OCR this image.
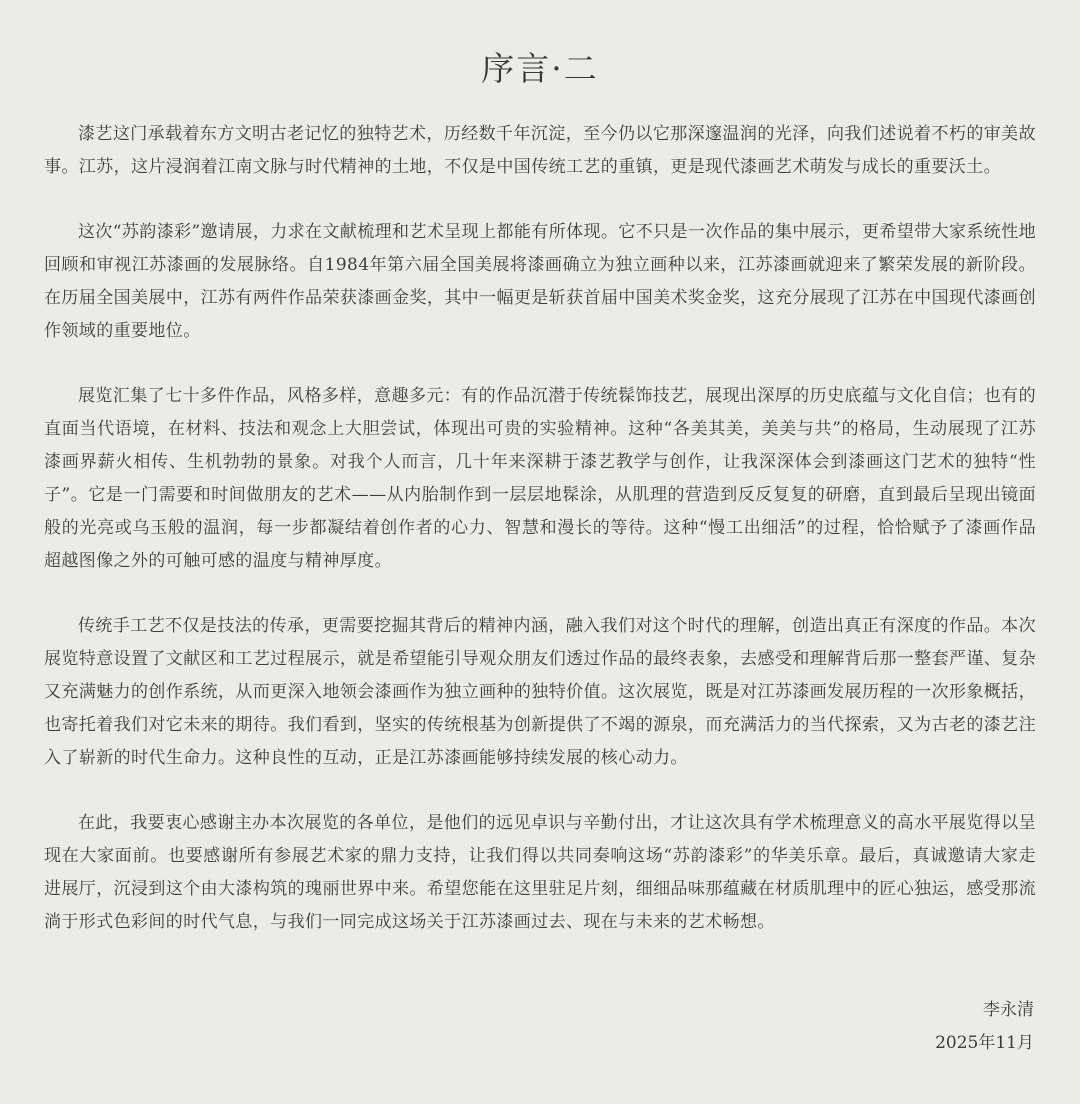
序言·二

漆艺这门承载着东方文明古老记忆的独特艺术，历经数千年沉淀，至今仍以它那深邃温润的光泽，向我们述说着不朽的审美故事。江苏，这片浸润着江南文脉与时代精神的土地，不仅是中国传统工艺的重镇，更是现代漆画艺术萌发与成长的重要沃土。

这次“苏韵漆彩”邀请展，力求在文献梳理和艺术呈现上都能有所体现。它不只是一次作品的集中展示，更希望带大家系统性地回顾和审视江苏漆画的发展脉络。自1984年第六届全国美展将漆画确立为独立画种以来，江苏漆画就迎来了繁荣发展的新阶段。在历届全国美展中，江苏有两件作品荣获漆画金奖，其中一幅更是斩获首届中国美术奖金奖，这充分展现了江苏在中国现代漆画创作领域的重要地位。

展览汇集了七十多件作品，风格多样，意趣多元：有的作品沉潜于传统髹饰技艺，展现出深厚的历史底蕴与文化自信；也有的直面当代语境，在材料、技法和观念上大胆尝试，体现出可贵的实验精神。这种“各美其美，美美与共”的格局，生动展现了江苏漆画界薪火相传、生机勃勃的景象。对我个人而言，几十年来深耕于漆艺教学与创作，让我深深体会到漆画这门艺术的独特“性子”。它是一门需要和时间做朋友的艺术——从内胎制作到一层层地髹涂，从肌理的营造到反反复复的研磨，直到最后呈现出镜面般的光亮或乌玉般的温润，每一步都凝结着创作者的心力、智慧和漫长的等待。这种“慢工出细活”的过程，恰恰赋予了漆画作品超越图像之外的可触可感的温度与精神厚度。

传统手工艺不仅是技法的传承，更需要挖掘其背后的精神内涵，融入我们对这个时代的理解，创造出真正有深度的作品。本次展览特意设置了文献区和工艺过程展示，就是希望能引导观众朋友们透过作品的最终表象，去感受和理解背后那一整套严谨、复杂又充满魅力的创作系统，从而更深入地领会漆画作为独立画种的独特价值。这次展览，既是对江苏漆画发展历程的一次形象概括，也寄托着我们对它未来的期待。我们看到，坚实的传统根基为创新提供了不竭的源泉，而充满活力的当代探索，又为古老的漆艺注入了崭新的时代生命力。这种良性的互动，正是江苏漆画能够持续发展的核心动力。

在此，我要衷心感谢主办本次展览的各单位，是他们的远见卓识与辛勤付出，才让这次具有学术梳理意义的高水平展览得以呈现在大家面前。也要感谢所有参展艺术家的鼎力支持，让我们得以共同奏响这场“苏韵漆彩”的华美乐章。最后，真诚邀请大家走进展厅，沉浸到这个由大漆构筑的瑰丽世界中来。希望您能在这里驻足片刻，细细品味那蕴藏在材质肌理中的匠心独运，感受那流淌于形式色彩间的时代气息，与我们一同完成这场关于江苏漆画过去、现在与未来的艺术畅想。

李永清
2025年11月
